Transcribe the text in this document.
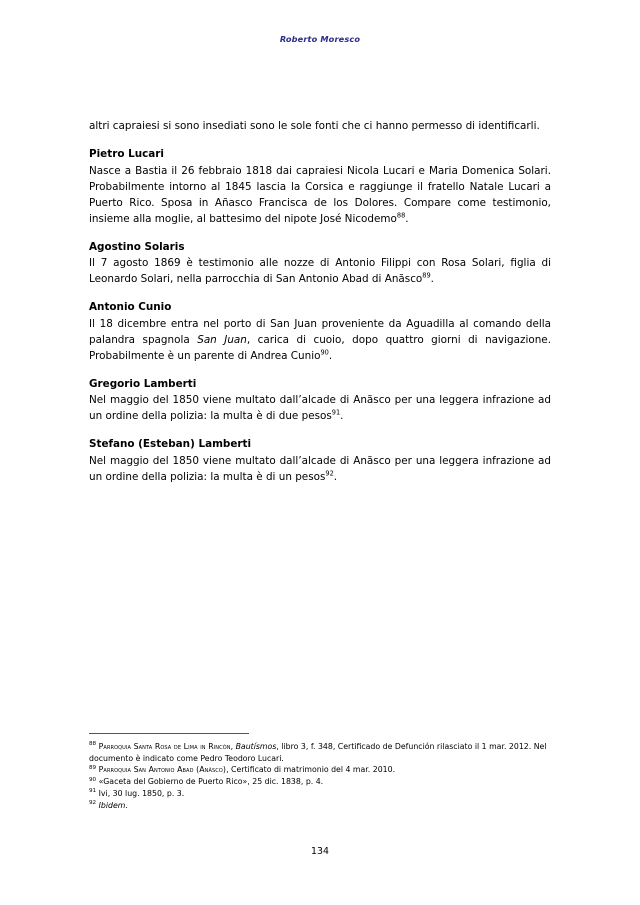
Roberto Moresco

altri capraiesi si sono insediati sono le sole fonti che ci hanno permesso di identificarli.

Pietro Lucari

Nasce a Bastia il 26 febbraio 1818 dai capraiesi Nicola Lucari e Maria Domenica Solari. Probabilmente intorno al 1845 lascia la Corsica e raggiunge il fratello Natale Lucari a Puerto Rico. Sposa in Añasco Francisca de los Dolores. Compare come testimonio, insieme alla moglie, al battesimo del nipote José Nicodemo$^{88}$.

Agostino Solaris

Il 7 agosto 1869 è testimonio alle nozze di Antonio Filippi con Rosa Solari, figlia di Leonardo Solari, nella parrocchia di San Antonio Abad di Anãsco$^{89}$.

Antonio Cunio

Il 18 dicembre entra nel porto di San Juan proveniente da Aguadilla al comando della palandra spagnola San Juan, carica di cuoio, dopo quattro giorni di navigazione. Probabilmente è un parente di Andrea Cunio$^{90}$.

Gregorio Lamberti

Nel maggio del 1850 viene multato dall’alcade di Anãsco per una leggera infrazione ad un ordine della polizia: la multa è di due pesos$^{91}$.

Stefano (Esteban) Lamberti

Nel maggio del 1850 viene multato dall’alcade di Anãsco per una leggera infrazione ad un ordine della polizia: la multa è di un pesos$^{92}$.

$^{88}$ Parroquia Santa Rosa de Lima in Rincón, Bautísmos, libro 3, f. 348, Certificado de Defunción rilasciato il 1 mar. 2012. Nel documento è indicato come Pedro Teodoro Lucari.

$^{89}$ Parroquia San Antonio Abad (Anãsco), Certificato di matrimonio del 4 mar. 2010.

$^{90}$ «Gaceta del Gobierno de Puerto Rico», 25 dic. 1838, p. 4.

$^{91}$ Ivi, 30 lug. 1850, p. 3.

$^{92}$ Ibidem.

134
